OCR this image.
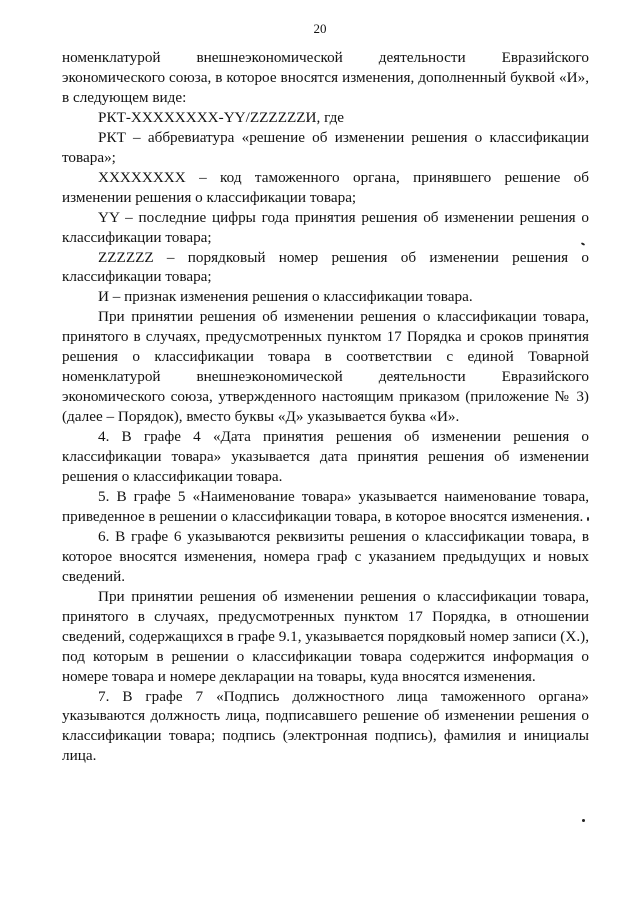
20

номенклатурой внешнеэкономической деятельности Евразийского экономического союза, в которое вносятся изменения, дополненный буквой «И», в следующем виде:

РКТ-XXXXXXXX-YY/ZZZZZZИ, где

РКТ – аббревиатура «решение об изменении решения о классификации товара»;

XXXXXXXX – код таможенного органа, принявшего решение об изменении решения о классификации товара;

YY – последние цифры года принятия решения об изменении решения о классификации товара;

ZZZZZZ – порядковый номер решения об изменении решения о классификации товара;

И – признак изменения решения о классификации товара.

При принятии решения об изменении решения о классификации товара, принятого в случаях, предусмотренных пунктом 17 Порядка и сроков принятия решения о классификации товара в соответствии с единой Товарной номенклатурой внешнеэкономической деятельности Евразийского экономического союза, утвержденного настоящим приказом (приложение № 3) (далее – Порядок), вместо буквы «Д» указывается буква «И».

4. В графе 4 «Дата принятия решения об изменении решения о классификации товара» указывается дата принятия решения об изменении решения о классификации товара.

5. В графе 5 «Наименование товара» указывается наименование товара, приведенное в решении о классификации товара, в которое вносятся изменения.

6. В графе 6 указываются реквизиты решения о классификации товара, в которое вносятся изменения, номера граф с указанием предыдущих и новых сведений.

При принятии решения об изменении решения о классификации товара, принятого в случаях, предусмотренных пунктом 17 Порядка, в отношении сведений, содержащихся в графе 9.1, указывается порядковый номер записи (X.), под которым в решении о классификации товара содержится информация о номере товара и номере декларации на товары, куда вносятся изменения.

7. В графе 7 «Подпись должностного лица таможенного органа» указываются должность лица, подписавшего решение об изменении решения о классификации товара; подпись (электронная подпись), фамилия и инициалы лица.
